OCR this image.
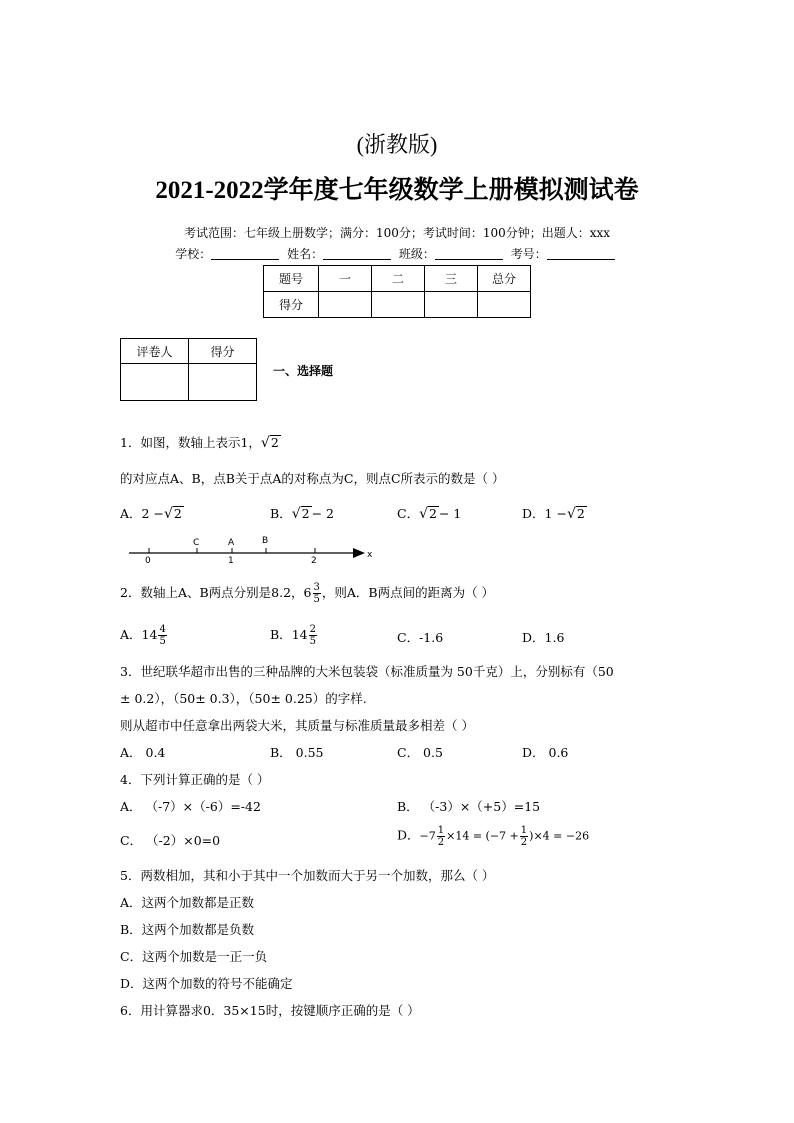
(浙教版)
2021-2022学年度七年级数学上册模拟测试卷
考试范围：七年级上册数学；满分：100分；考试时间：100分钟；出题人：xxx
学校：	姓名：	班级：	考号：
题号	一	二	三	总分
得分				
评卷人	得分

一、选择题
1．如图，数轴上表示1，√2
的对应点A、B，点B关于点A的对称点为C，则点C所表示的数是（ ）
A．2 −√2	B．√2 − 2	C．√2 − 1	D．1 −√2
C	A	B
0	1	2
x
2．数轴上A、B两点分别是8.2，$6 \frac{3}{5}$ ，则A．B两点间的距离为（ ）
A．$14 \frac{4}{5}$	B．$14 \frac{2}{5}$	C．-1.6	D．1.6
3．世纪联华超市出售的三种品牌的大米包装袋（标准质量为 50千克）上，分别标有（50
± 0.2），（50± 0.3），（50± 0.25）的字样.
则从超市中任意拿出两袋大米，其质量与标准质量最多相差（ ）
A． 0.4	B． 0.55	C． 0.5	D． 0.6
4．下列计算正确的是（ ）
A． （-7）×（-6）=-42	B． （-3）×（+5）=15
C． （-2）×0=0	D．$-7 \frac{1}{2} \times 14 = (-7 + \frac{1}{2} )\times 4 = -26$
5．两数相加，其和小于其中一个加数而大于另一个加数，那么（ ）
A．这两个加数都是正数
B．这两个加数都是负数
C．这两个加数是一正一负
D．这两个加数的符号不能确定
6．用计算器求0．35×15时，按键顺序正确的是（ ）
